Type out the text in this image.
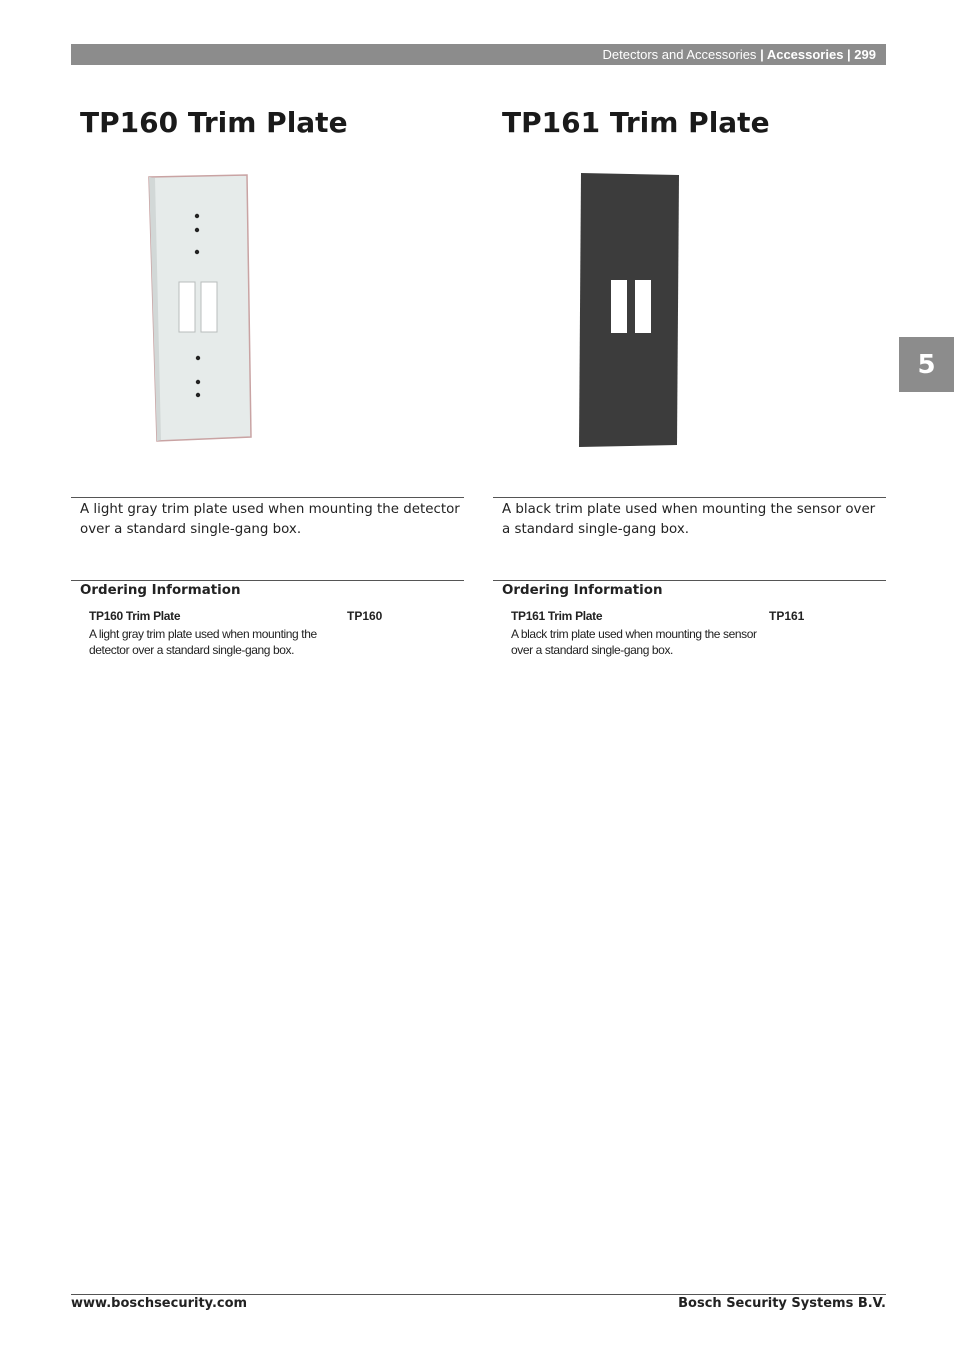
Detectors and Accessories
| Accessories | 299
5
TP160 Trim Plate

A light gray trim plate used when mounting the detector over a standard single-gang box.

Ordering Information

TP160 Trim Plate	TP160

A light gray trim plate used when mounting the detector over a standard single-gang box.

TP161 Trim Plate

A black trim plate used when mounting the sensor over a standard single-gang box.

Ordering Information

TP161 Trim Plate	TP161

A black trim plate used when mounting the sensor over a standard single-gang box.

www.boschsecurity.com	Bosch Security Systems B.V.
